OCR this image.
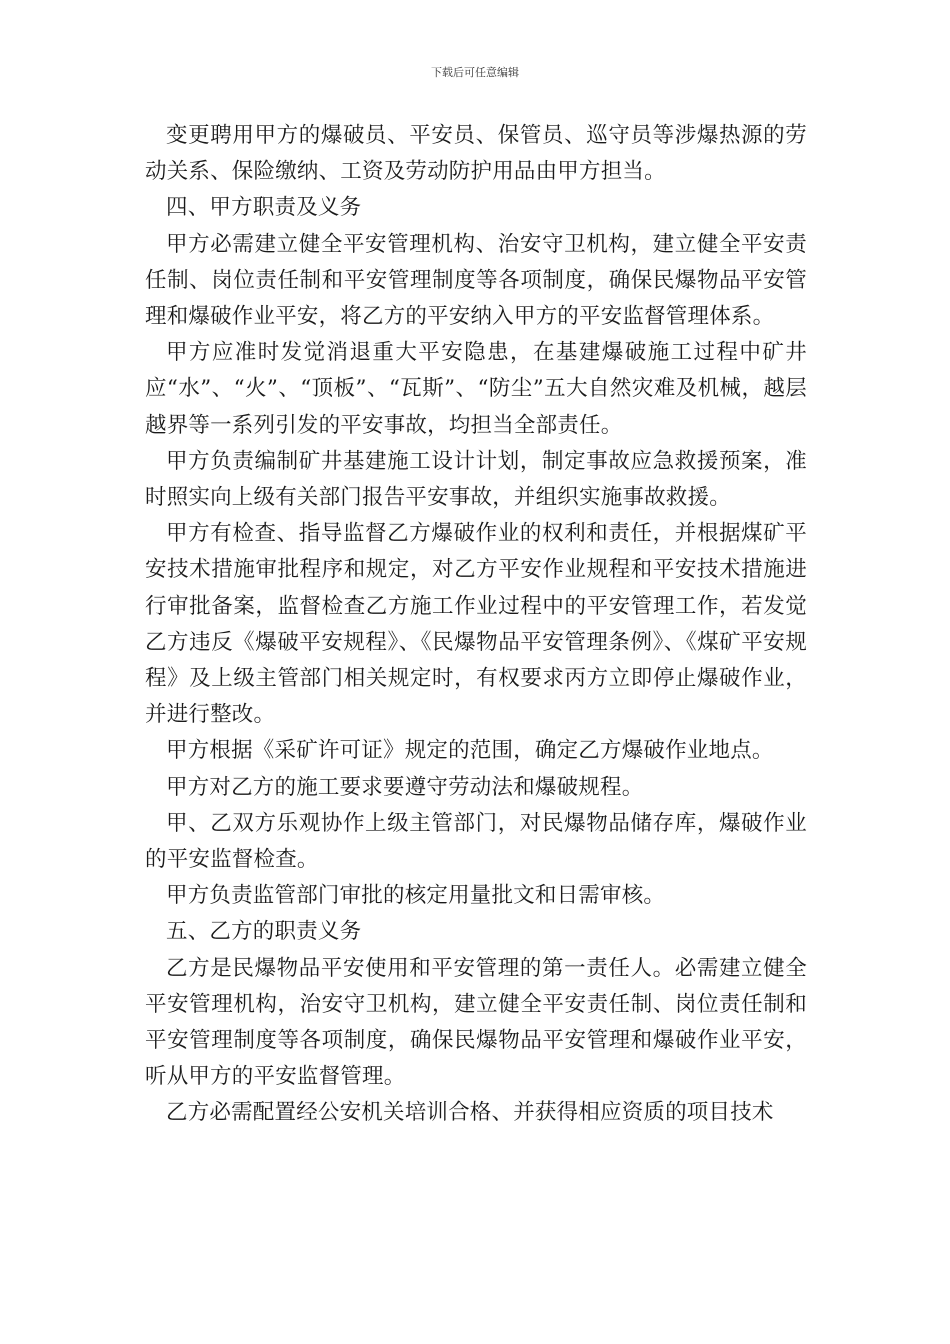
下载后可任意编辑

变更聘用甲方的爆破员、平安员、保管员、巡守员等涉爆热源的劳动关系、保险缴纳、工资及劳动防护用品由甲方担当。

四、甲方职责及义务

甲方必需建立健全平安管理机构、治安守卫机构，建立健全平安责任制、岗位责任制和平安管理制度等各项制度，确保民爆物品平安管理和爆破作业平安，将乙方的平安纳入甲方的平安监督管理体系。

甲方应准时发觉消退重大平安隐患，在基建爆破施工过程中矿井应“水”、“火”、“顶板”、“瓦斯”、“防尘”五大自然灾难及机械，越层越界等一系列引发的平安事故，均担当全部责任。

甲方负责编制矿井基建施工设计计划，制定事故应急救援预案，准时照实向上级有关部门报告平安事故，并组织实施事故救援。

甲方有检查、指导监督乙方爆破作业的权利和责任，并根据煤矿平安技术措施审批程序和规定，对乙方平安作业规程和平安技术措施进行审批备案，监督检查乙方施工作业过程中的平安管理工作，若发觉乙方违反《爆破平安规程》、《民爆物品平安管理条例》、《煤矿平安规程》及上级主管部门相关规定时，有权要求丙方立即停止爆破作业，并进行整改。

甲方根据《采矿许可证》规定的范围，确定乙方爆破作业地点。

甲方对乙方的施工要求要遵守劳动法和爆破规程。

甲、乙双方乐观协作上级主管部门，对民爆物品储存库，爆破作业的平安监督检查。

甲方负责监管部门审批的核定用量批文和日需审核。

五、乙方的职责义务

乙方是民爆物品平安使用和平安管理的第一责任人。必需建立健全平安管理机构，治安守卫机构，建立健全平安责任制、岗位责任制和平安管理制度等各项制度，确保民爆物品平安管理和爆破作业平安，听从甲方的平安监督管理。

乙方必需配置经公安机关培训合格、并获得相应资质的项目技术
